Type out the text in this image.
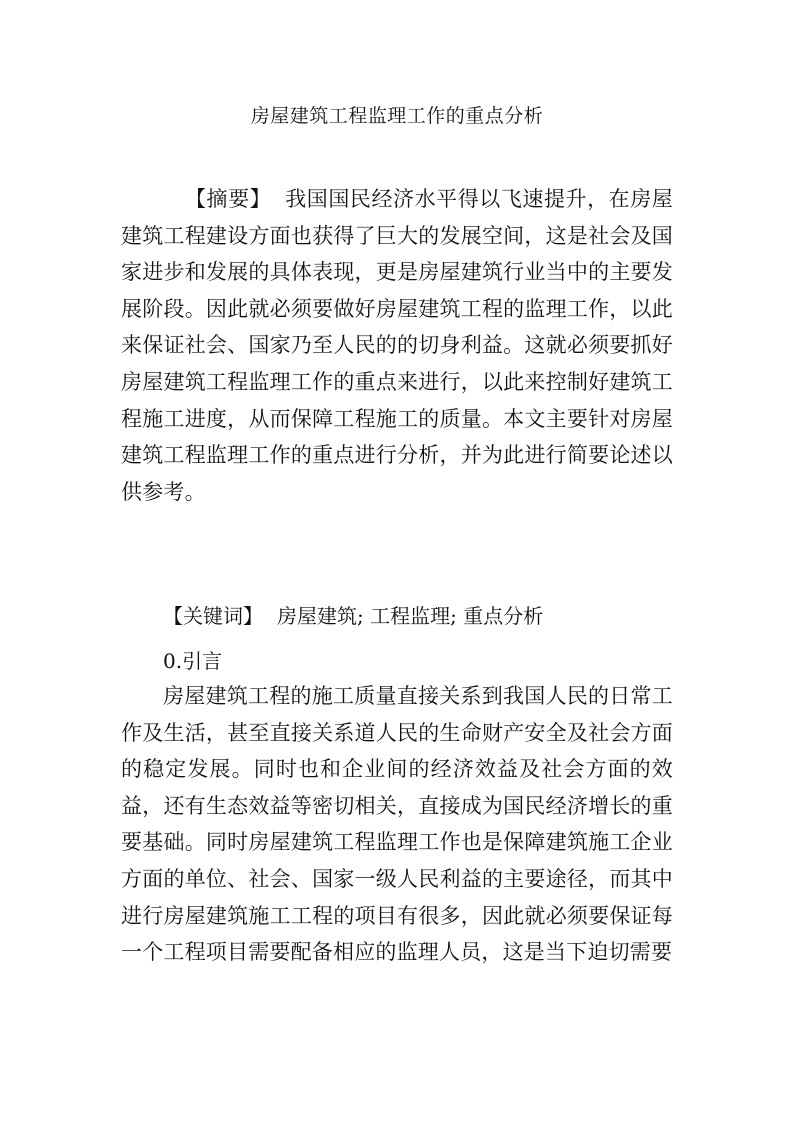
房屋建筑工程监理工作的重点分析

【摘要】 我国国民经济水平得以飞速提升，在房屋建筑工程建设方面也获得了巨大的发展空间，这是社会及国家进步和发展的具体表现，更是房屋建筑行业当中的主要发展阶段。因此就必须要做好房屋建筑工程的监理工作，以此来保证社会、国家乃至人民的的切身利益。这就必须要抓好房屋建筑工程监理工作的重点来进行，以此来控制好建筑工程施工进度，从而保障工程施工的质量。本文主要针对房屋建筑工程监理工作的重点进行分析，并为此进行简要论述以供参考。

【关键词】 房屋建筑; 工程监理; 重点分析
0.引言

房屋建筑工程的施工质量直接关系到我国人民的日常工作及生活，甚至直接关系道人民的生命财产安全及社会方面的稳定发展。同时也和企业间的经济效益及社会方面的效益，还有生态效益等密切相关，直接成为国民经济增长的重要基础。同时房屋建筑工程监理工作也是保障建筑施工企业方面的单位、社会、国家一级人民利益的主要途径，而其中进行房屋建筑施工工程的项目有很多，因此就必须要保证每一个工程项目需要配备相应的监理人员，这是当下迫切需要
